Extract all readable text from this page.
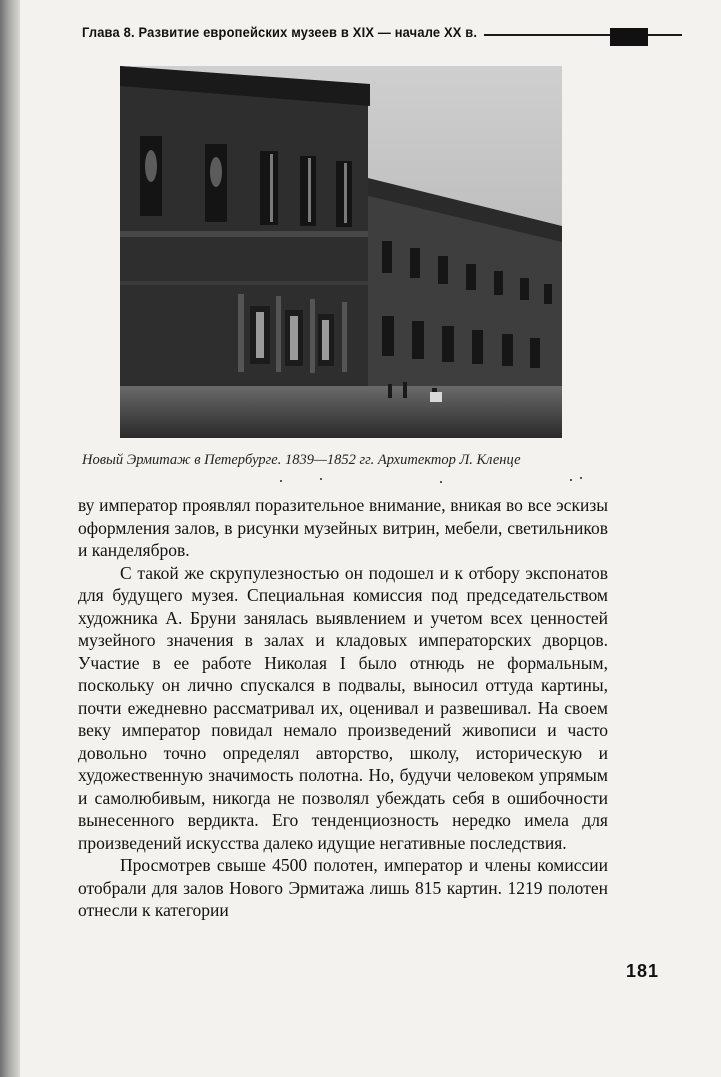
Глава 8. Развитие европейских музеев в XIX — начале XX в.
Новый Эрмитаж в Петербурге. 1839—1852 гг. Архитектор Л. Кленце

ву император проявлял поразительное внимание, вникая во все эскизы оформления залов, в рисунки музейных витрин, мебели, светильников и канделябров.

С такой же скрупулезностью он подошел и к отбору экспонатов для будущего музея. Специальная комиссия под председательством художника А. Бруни занялась выявлением и учетом всех ценностей музейного значения в залах и кладовых императорских дворцов. Участие в ее работе Николая I было отнюдь не формальным, поскольку он лично спускался в подвалы, выносил оттуда картины, почти ежедневно рассматривал их, оценивал и развешивал. На своем веку император повидал немало произведений живописи и часто довольно точно определял авторство, школу, историческую и художественную значимость полотна. Но, будучи человеком упрямым и самолюбивым, никогда не позволял убеждать себя в ошибочности вынесенного вердикта. Его тенденциозность нередко имела для произведений искусства далеко идущие негативные последствия.

Просмотрев свыше 4500 полотен, император и члены комиссии отобрали для залов Нового Эрмитажа лишь 815 картин. 1219 полотен отнесли к категории

181
